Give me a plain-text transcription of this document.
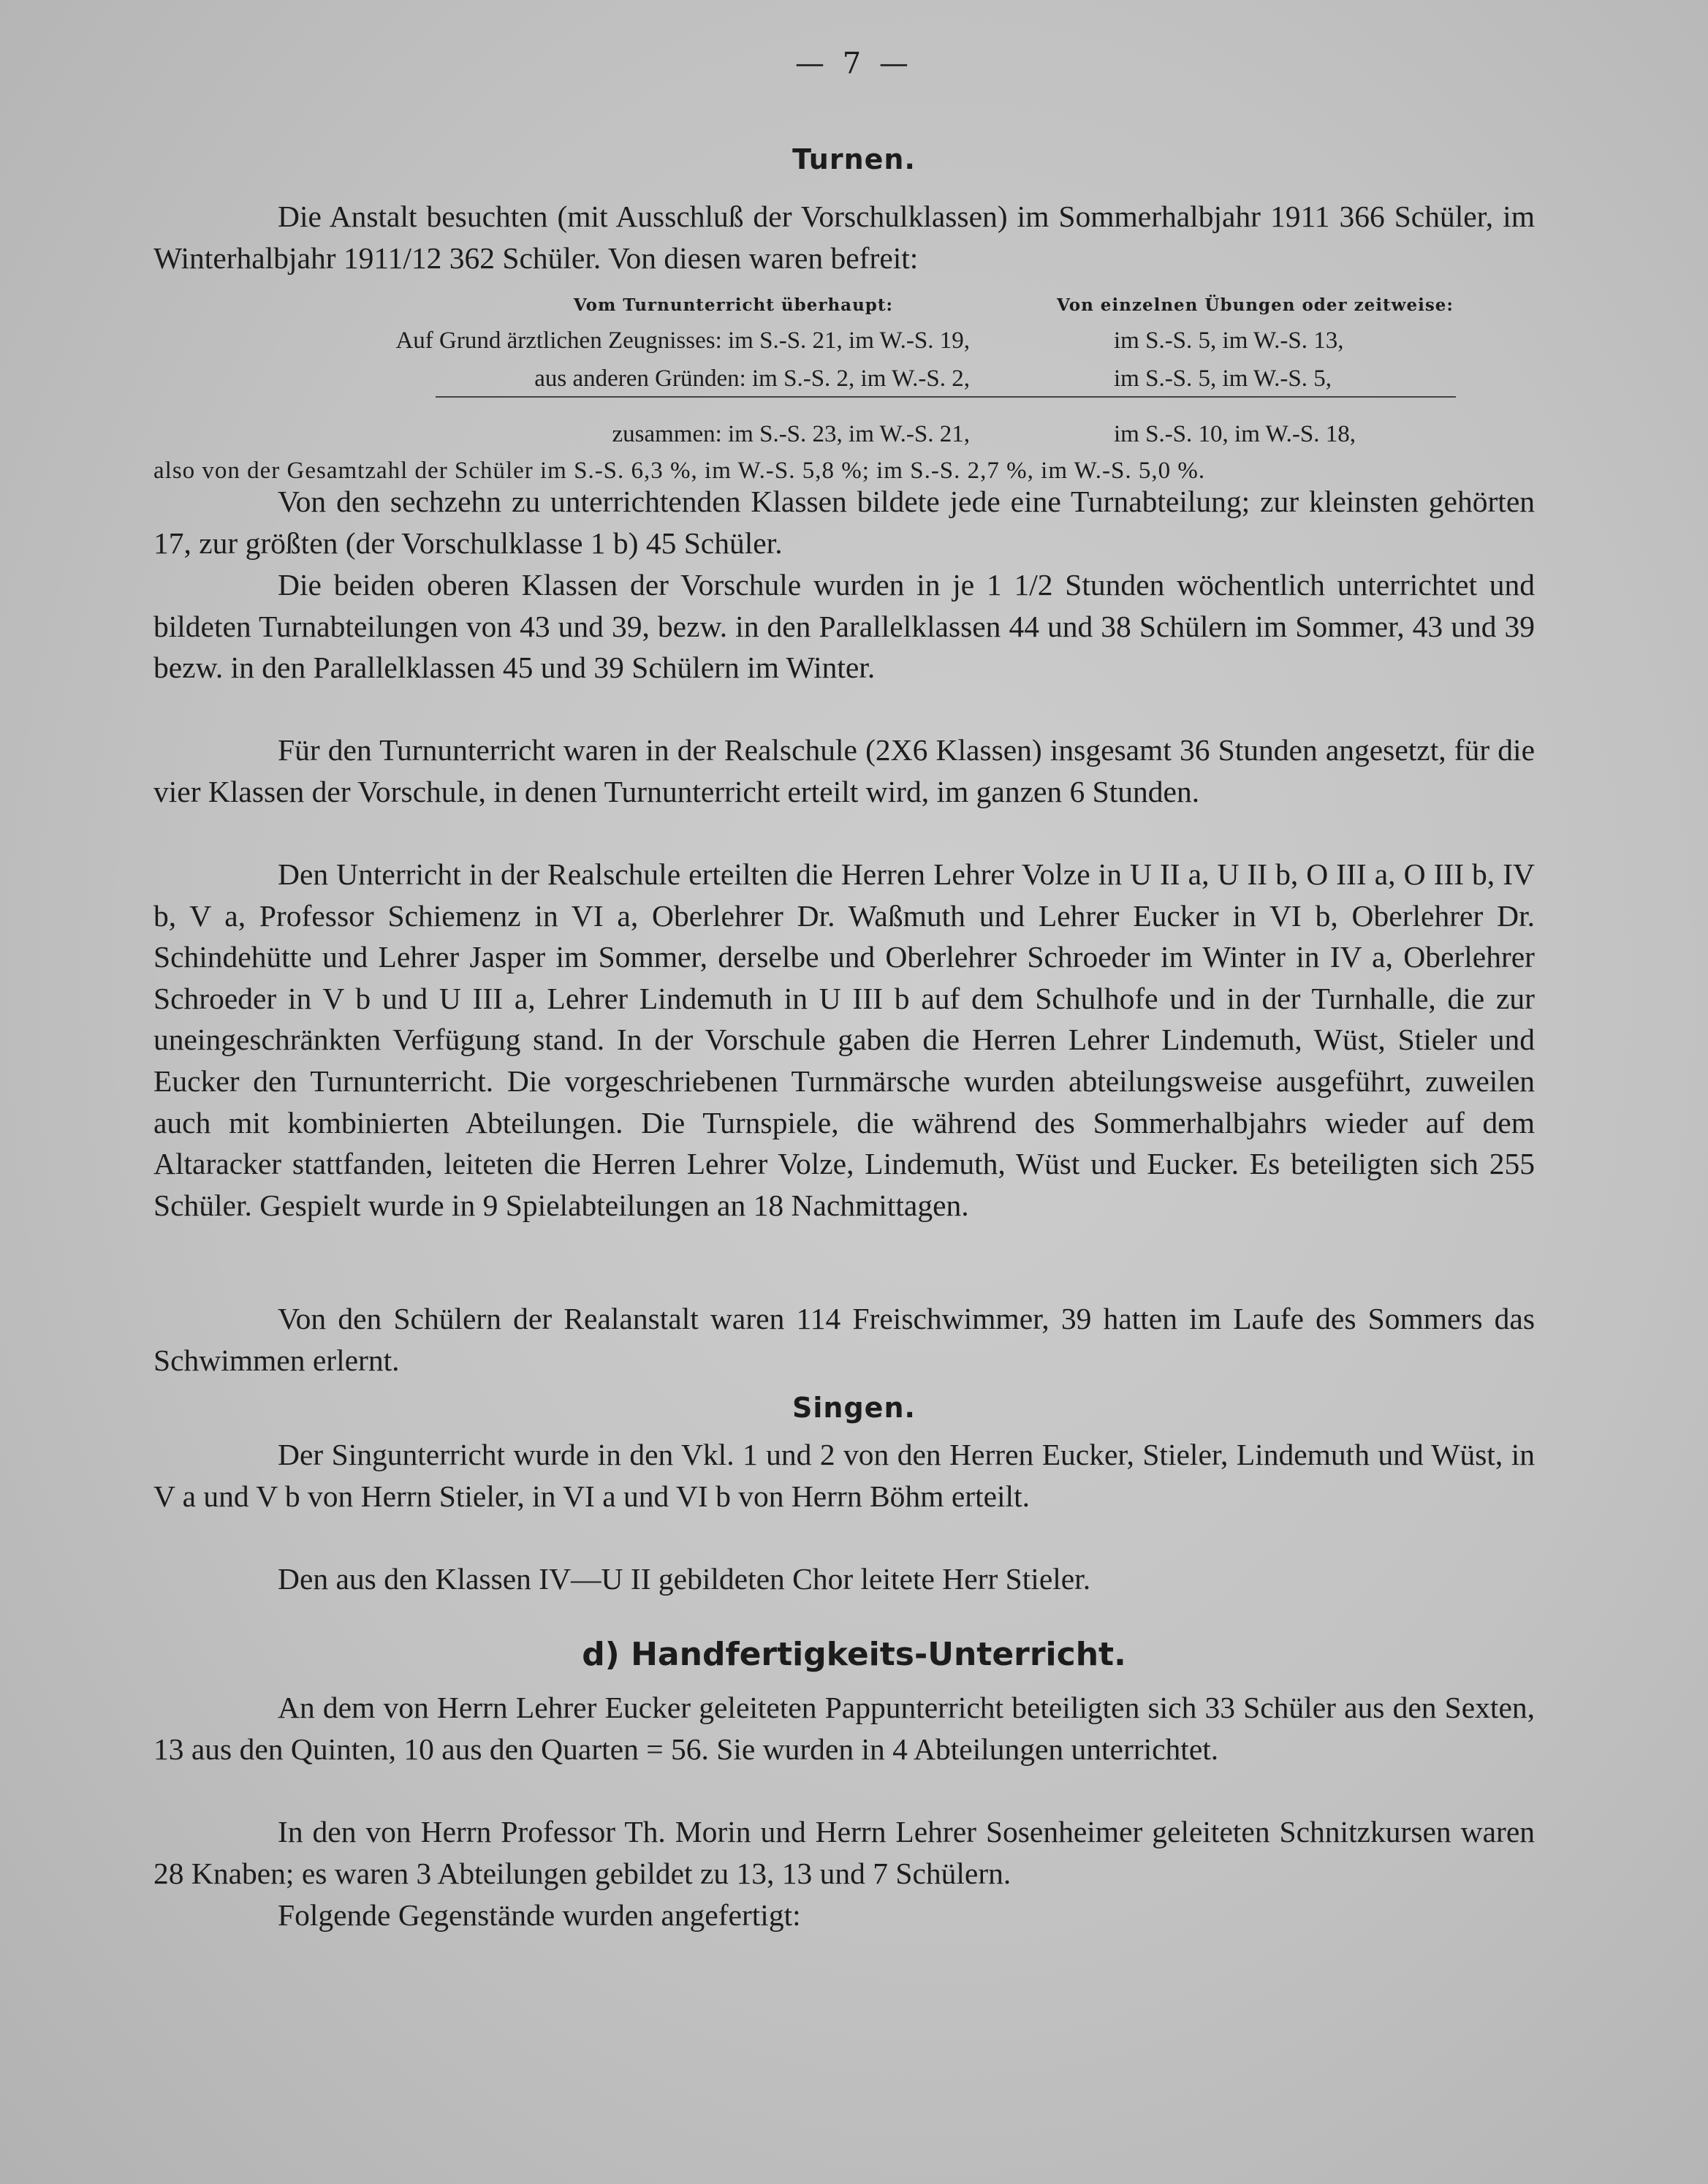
— 7 —
Turnen.
Die Anstalt besuchten (mit Ausschluß der Vorschulklassen) im Sommerhalbjahr 1911 366 Schüler, im Winterhalbjahr 1911/12 362 Schüler. Von diesen waren befreit:
Vom Turnunterricht überhaupt:	Von einzelnen Übungen oder zeitweise:
Auf Grund ärztlichen Zeugnisses: im S.-S. 21, im W.-S. 19,	im S.-S. 5, im W.-S. 13,
aus anderen Gründen: im S.-S. 2, im W.-S. 2,	im S.-S. 5, im W.-S. 5,
zusammen: im S.-S. 23, im W.-S. 21,	im S.-S. 10, im W.-S. 18,
also von der Gesamtzahl der Schüler im S.-S. 6,3 %, im W.-S. 5,8 %; im S.-S. 2,7 %, im W.-S. 5,0 %.
Von den sechzehn zu unterrichtenden Klassen bildete jede eine Turnabteilung; zur kleinsten gehörten 17, zur größten (der Vorschulklasse 1 b) 45 Schüler.
Die beiden oberen Klassen der Vorschule wurden in je 1 1/2 Stunden wöchentlich unterrichtet und bildeten Turnabteilungen von 43 und 39, bezw. in den Parallelklassen 44 und 38 Schülern im Sommer, 43 und 39 bezw. in den Parallelklassen 45 und 39 Schülern im Winter.
Für den Turnunterricht waren in der Realschule (2X6 Klassen) insgesamt 36 Stunden angesetzt, für die vier Klassen der Vorschule, in denen Turnunterricht erteilt wird, im ganzen 6 Stunden.
Den Unterricht in der Realschule erteilten die Herren Lehrer Volze in U II a, U II b, O III a, O III b, IV b, V a, Professor Schiemenz in VI a, Oberlehrer Dr. Waßmuth und Lehrer Eucker in VI b, Oberlehrer Dr. Schindehütte und Lehrer Jasper im Sommer, derselbe und Oberlehrer Schroeder im Winter in IV a, Oberlehrer Schroeder in V b und U III a, Lehrer Lindemuth in U III b auf dem Schulhofe und in der Turnhalle, die zur uneingeschränkten Verfügung stand. In der Vorschule gaben die Herren Lehrer Lindemuth, Wüst, Stieler und Eucker den Turnunterricht. Die vorgeschriebenen Turnmärsche wurden abteilungsweise ausgeführt, zuweilen auch mit kombinierten Abteilungen. Die Turnspiele, die während des Sommerhalbjahrs wieder auf dem Altaracker stattfanden, leiteten die Herren Lehrer Volze, Lindemuth, Wüst und Eucker. Es beteiligten sich 255 Schüler. Gespielt wurde in 9 Spielabteilungen an 18 Nachmittagen.
Von den Schülern der Realanstalt waren 114 Freischwimmer, 39 hatten im Laufe des Sommers das Schwimmen erlernt.
Singen.
Der Singunterricht wurde in den Vkl. 1 und 2 von den Herren Eucker, Stieler, Lindemuth und Wüst, in V a und V b von Herrn Stieler, in VI a und VI b von Herrn Böhm erteilt.
Den aus den Klassen IV—U II gebildeten Chor leitete Herr Stieler.
d) Handfertigkeits-Unterricht.
An dem von Herrn Lehrer Eucker geleiteten Pappunterricht beteiligten sich 33 Schüler aus den Sexten, 13 aus den Quinten, 10 aus den Quarten = 56. Sie wurden in 4 Abteilungen unterrichtet.
In den von Herrn Professor Th. Morin und Herrn Lehrer Sosenheimer geleiteten Schnitzkursen waren 28 Knaben; es waren 3 Abteilungen gebildet zu 13, 13 und 7 Schülern.
Folgende Gegenstände wurden angefertigt:
